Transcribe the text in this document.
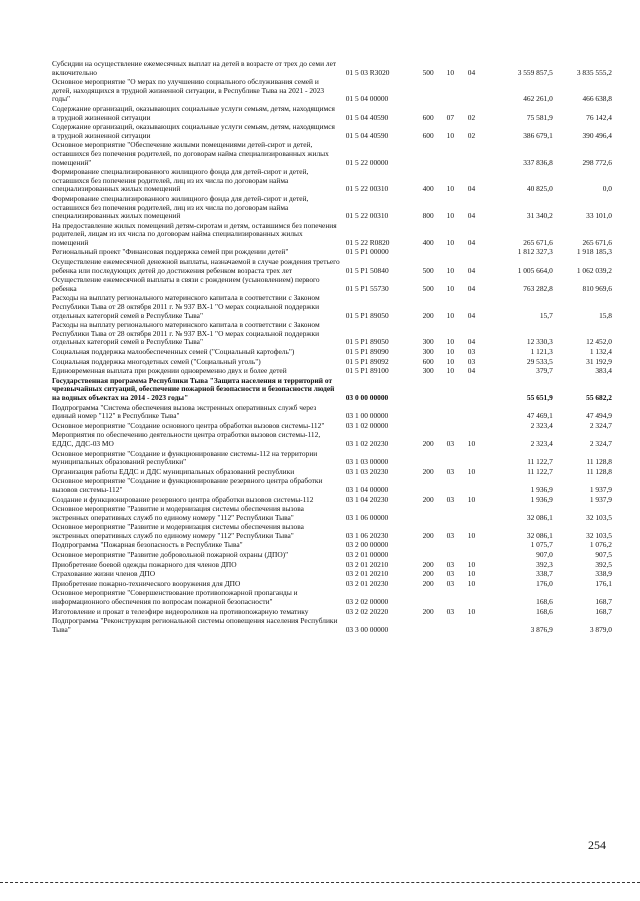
Субсидии на осуществление ежемесячных выплат на детей в возрасте от трех до семи лет включительно	01 5 03 R3020	500	10	04	3 559 857,5	3 835 555,2
Основное мероприятие "О мерах по улучшению социального обслуживания семей и детей, находящихся в трудной жизненной ситуации, в Республике Тыва на 2021 - 2023 годы"	01 5 04 00000				462 261,0	466 638,8
Содержание организаций, оказывающих социальные услуги семьям, детям, находящимся в трудной жизненной ситуации	01 5 04 40590	600	07	02	75 581,9	76 142,4
Содержание организаций, оказывающих социальные услуги семьям, детям, находящимся в трудной жизненной ситуации	01 5 04 40590	600	10	02	386 679,1	390 496,4
Основное мероприятие "Обеспечение жилыми помещениями детей-сирот и детей, оставшихся без попечения родителей, по договорам найма специализированных жилых помещений"	01 5 22 00000				337 836,8	298 772,6
Формирование специализированного жилищного фонда для детей-сирот и детей, оставшихся без попечения родителей, лиц из их числа по договорам найма специализированных жилых помещений	01 5 22 00310	400	10	04	40 825,0	0,0
Формирование специализированного жилищного фонда для детей-сирот и детей, оставшихся без попечения родителей, лиц из их числа по договорам найма специализированных жилых помещений	01 5 22 00310	800	10	04	31 340,2	33 101,0
На предоставление жилых помещений детям-сиротам и детям, оставшимся без попечения родителей, лицам из их числа по договорам найма специализированных жилых помещений	01 5 22 R0820	400	10	04	265 671,6	265 671,6
Региональный проект "Финансовая поддержка семей при рождении детей"	01 5 P1 00000				1 812 327,3	1 918 185,3
Осуществление ежемесячной денежной выплаты, назначаемой в случае рождения третьего ребенка или последующих детей до достижения ребенком возраста трех лет	01 5 P1 50840	500	10	04	1 005 664,0	1 062 039,2
Осуществление ежемесячной выплаты в связи с рождением (усыновлением) первого ребенка	01 5 P1 55730	500	10	04	763 282,8	810 969,6
Расходы на выплату регионального материнского капитала в соответствии с Законом Республики Тыва от 28 октября 2011 г. № 937 ВХ-1 "О мерах социальной поддержки отдельных категорий семей в Республике Тыва"	01 5 P1 89050	200	10	04	15,7	15,8
Расходы на выплату регионального материнского капитала в соответствии с Законом Республики Тыва от 28 октября 2011 г. № 937 ВХ-1 "О мерах социальной поддержки отдельных категорий семей в Республике Тыва"	01 5 P1 89050	300	10	04	12 330,3	12 452,0
Социальная поддержка малообеспеченных семей ("Социальный картофель")	01 5 P1 89090	300	10	03	1 121,3	1 132,4
Социальная поддержка многодетных семей ("Социальный уголь")	01 5 P1 89092	600	10	03	29 533,5	31 192,9
Единовременная выплата при рождении одновременно двух и более детей	01 5 P1 89100	300	10	04	379,7	383,4
Государственная программа Республики Тыва "Защита населения и территорий от чрезвычайных ситуаций, обеспечение пожарной безопасности и безопасности людей на водных объектах на 2014 - 2023 годы"	03 0 00 00000				55 651,9	55 682,2
Подпрограмма "Система обеспечения вызова экстренных оперативных служб через единый номер "112" в Республике Тыва"	03 1 00 00000				47 469,1	47 494,9
Основное мероприятие "Создание основного центра обработки вызовов системы-112"	03 1 02 00000				2 323,4	2 324,7
Мероприятия по обеспечению деятельности центра отработки вызовов системы-112, ЕДДС, ДДС-03 МО	03 1 02 20230	200	03	10	2 323,4	2 324,7
Основное мероприятие "Создание и функционирование системы-112 на территории муниципальных образований республики"	03 1 03 00000				11 122,7	11 128,8
Организация работы ЕДДС и ДДС муниципальных образований республики	03 1 03 20230	200	03	10	11 122,7	11 128,8
Основное мероприятие "Создание и функционирование резервного центра обработки вызовов системы-112"	03 1 04 00000				1 936,9	1 937,9
Создание и функционирование резервного центра обработки вызовов системы-112	03 1 04 20230	200	03	10	1 936,9	1 937,9
Основное мероприятие "Развитие и модернизация системы обеспечения вызова экстренных оперативных служб по единому номеру "112" Республики Тыва"	03 1 06 00000				32 086,1	32 103,5
Основное мероприятие "Развитие и модернизация системы обеспечения вызова экстренных оперативных служб по единому номеру "112" Республики Тыва"	03 1 06 20230	200	03	10	32 086,1	32 103,5
Подпрограмма "Пожарная безопасность в Республике Тыва"	03 2 00 00000				1 075,7	1 076,2
Основное мероприятие "Развитие добровольной пожарной охраны (ДПО)"	03 2 01 00000				907,0	907,5
Приобретение боевой одежды пожарного для членов ДПО	03 2 01 20210	200	03	10	392,3	392,5
Страхование жизни членов ДПО	03 2 01 20210	200	03	10	338,7	338,9
Приобретение пожарно-технического вооружения для ДПО	03 2 01 20230	200	03	10	176,0	176,1
Основное мероприятие "Совершенствование противопожарной пропаганды и информационного обеспечения по вопросам пожарной безопасности"	03 2 02 00000				168,6	168,7
Изготовление и прокат в телеэфире видеороликов на противопожарную тематику	03 2 02 20220	200	03	10	168,6	168,7
Подпрограмма "Реконструкция региональной системы оповещения населения Республики Тыва"	03 3 00 00000				3 876,9	3 879,0
254
